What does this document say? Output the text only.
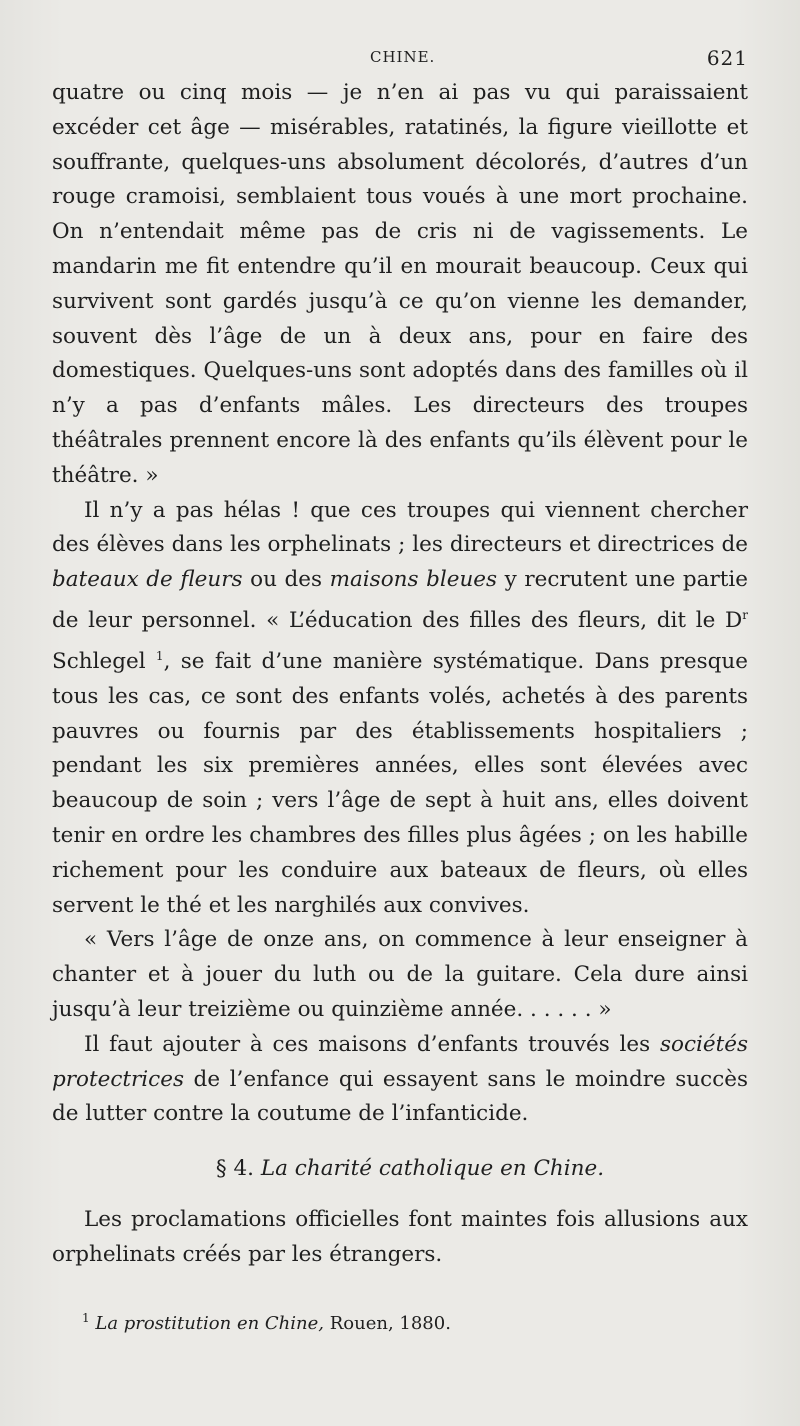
CHINE.	621

quatre ou cinq mois — je n’en ai pas vu qui paraissaient excéder cet âge — misérables, ratatinés, la figure vieillotte et souffrante, quelques-uns absolument décolorés, d’autres d’un rouge cramoisi, semblaient tous voués à une mort prochaine. On n’entendait même pas de cris ni de vagissements. Le mandarin me fit entendre qu’il en mourait beaucoup. Ceux qui survivent sont gardés jusqu’à ce qu’on vienne les demander, souvent dès l’âge de un à deux ans, pour en faire des domestiques. Quelques-uns sont adoptés dans des familles où il n’y a pas d’enfants mâles. Les directeurs des troupes théâtrales prennent encore là des enfants qu’ils élèvent pour le théâtre. »

Il n’y a pas hélas ! que ces troupes qui viennent chercher des élèves dans les orphelinats ; les directeurs et directrices de bateaux de fleurs ou des maisons bleues y recrutent une partie de leur personnel. « L’éducation des filles des fleurs, dit le $D^r$ Schlegel $^1$, se fait d’une manière systématique. Dans presque tous les cas, ce sont des enfants volés, achetés à des parents pauvres ou fournis par des établissements hospitaliers ; pendant les six premières années, elles sont élevées avec beaucoup de soin ; vers l’âge de sept à huit ans, elles doivent tenir en ordre les chambres des filles plus âgées ; on les habille richement pour les conduire aux bateaux de fleurs, où elles servent le thé et les narghilés aux convives.

« Vers l’âge de onze ans, on commence à leur enseigner à chanter et à jouer du luth ou de la guitare. Cela dure ainsi jusqu’à leur treizième ou quinzième année. . . . . . »

Il faut ajouter à ces maisons d’enfants trouvés les sociétés protectrices de l’enfance qui essayent sans le moindre succès de lutter contre la coutume de l’infanticide.

§ 4. La charité catholique en Chine.

Les proclamations officielles font maintes fois allusions aux orphelinats créés par les étrangers.

$^1$ La prostitution en Chine, Rouen, 1880.
